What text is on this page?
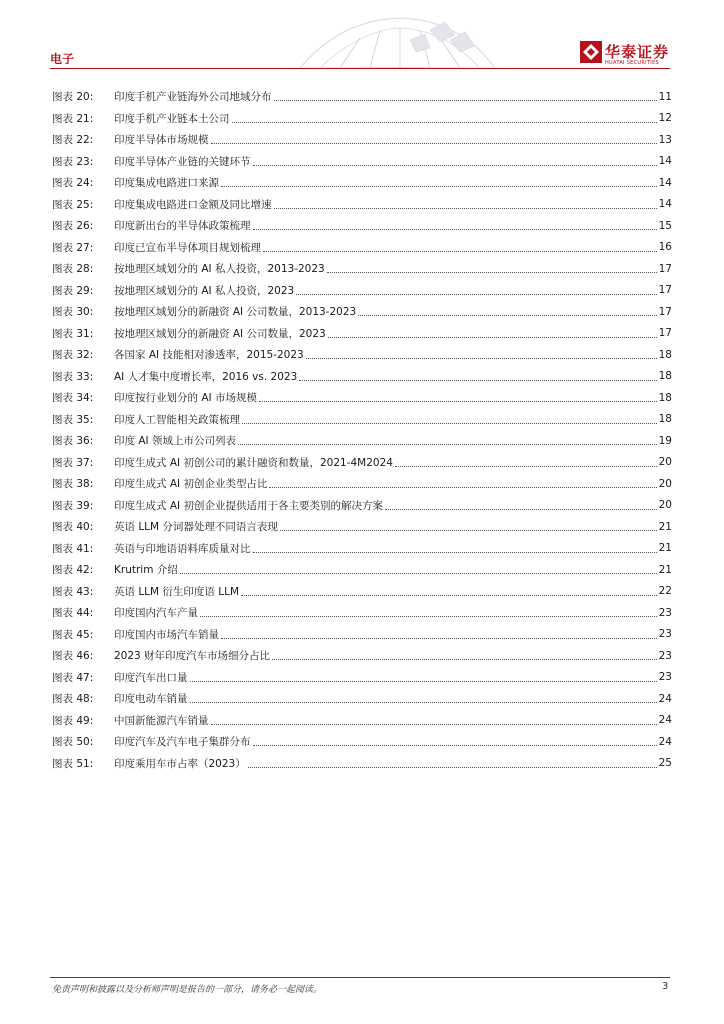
电子	华泰证券
HUATAI SECURITIES
图表 20:	印度手机产业链海外公司地域分布	11
图表 21:	印度手机产业链本土公司	12
图表 22:	印度半导体市场规模	13
图表 23:	印度半导体产业链的关键环节	14
图表 24:	印度集成电路进口来源	14
图表 25:	印度集成电路进口金额及同比增速	14
图表 26:	印度新出台的半导体政策梳理	15
图表 27:	印度已宣布半导体项目规划梳理	16
图表 28:	按地理区域划分的 AI 私人投资，2013-2023	17
图表 29:	按地理区域划分的 AI 私人投资，2023	17
图表 30:	按地理区域划分的新融资 AI 公司数量，2013-2023	17
图表 31:	按地理区域划分的新融资 AI 公司数量，2023	17
图表 32:	各国家 AI 技能相对渗透率，2015-2023	18
图表 33:	AI 人才集中度增长率，2016 vs. 2023	18
图表 34:	印度按行业划分的 AI 市场规模	18
图表 35:	印度人工智能相关政策梳理	18
图表 36:	印度 AI 领域上市公司列表	19
图表 37:	印度生成式 AI 初创公司的累计融资和数量，2021-4M2024	20
图表 38:	印度生成式 AI 初创企业类型占比	20
图表 39:	印度生成式 AI 初创企业提供适用于各主要类别的解决方案	20
图表 40:	英语 LLM 分词器处理不同语言表现	21
图表 41:	英语与印地语语料库质量对比	21
图表 42:	Krutrim 介绍	21
图表 43:	英语 LLM 衍生印度语 LLM	22
图表 44:	印度国内汽车产量	23
图表 45:	印度国内市场汽车销量	23
图表 46:	2023 财年印度汽车市场细分占比	23
图表 47:	印度汽车出口量	23
图表 48:	印度电动车销量	24
图表 49:	中国新能源汽车销量	24
图表 50:	印度汽车及汽车电子集群分布	24
图表 51:	印度乘用车市占率（2023）	25
免责声明和披露以及分析师声明是报告的一部分，请务必一起阅读。	3
